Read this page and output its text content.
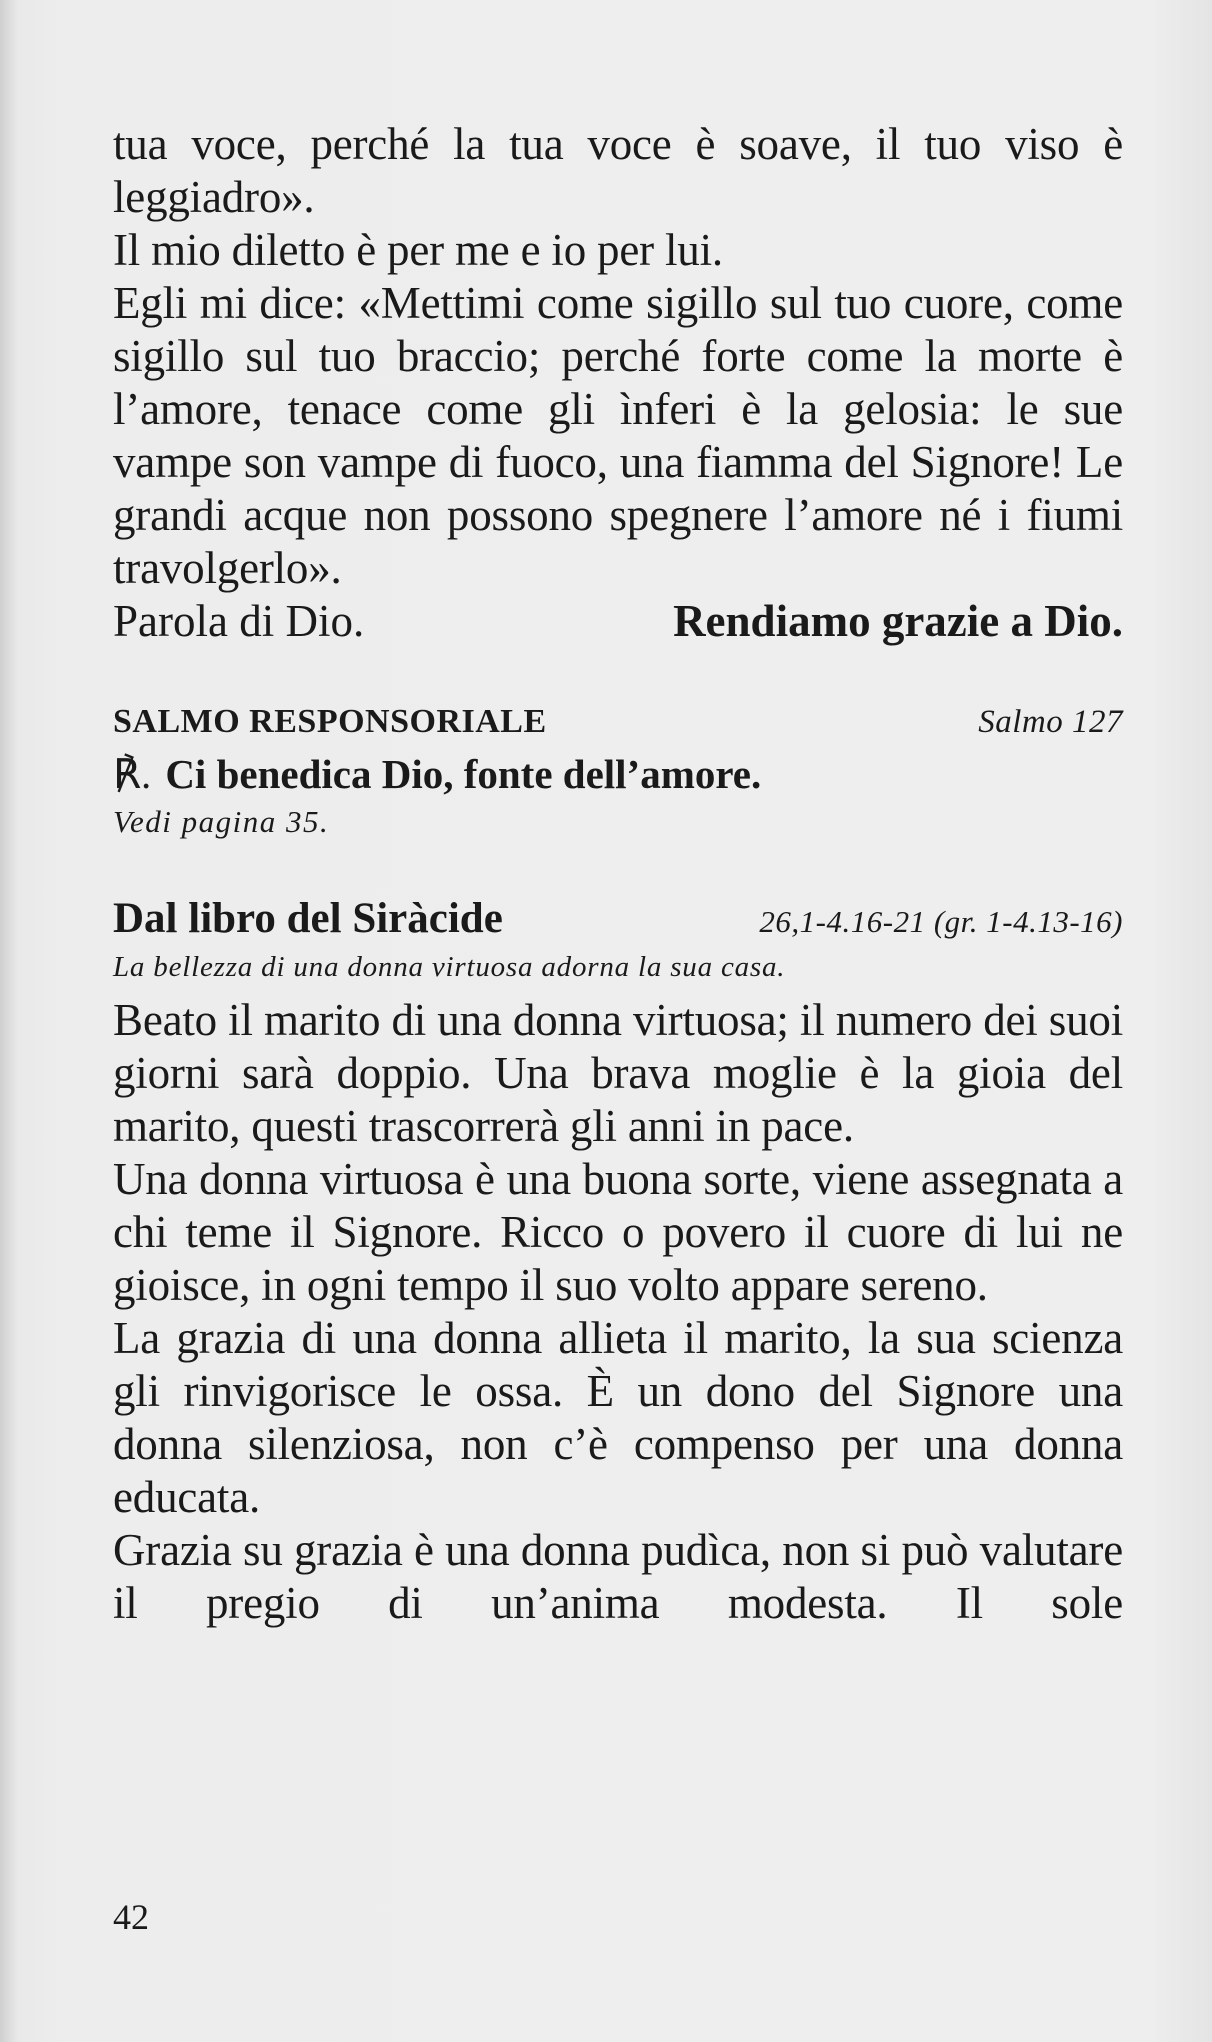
tua voce, perché la tua voce è soave, il tuo viso è leggiadro».

Il mio diletto è per me e io per lui.

Egli mi dice: «Mettimi come sigillo sul tuo cuore, come sigillo sul tuo braccio; perché forte come la morte è l’amore, tenace come gli ìnferi è la gelosia: le sue vampe son vampe di fuoco, una fiamma del Signore! Le grandi acque non possono spegnere l’amore né i fiumi travolgerlo».

Parola di Dio.	Rendiamo grazie a Dio.
SALMO RESPONSORIALE	Salmo 127

℟. Ci benedica Dio, fonte dell’amore.

Vedi pagina 35.

Dal libro del Siràcide	26,1-4.16-21 (gr. 1-4.13-16)

La bellezza di una donna virtuosa adorna la sua casa.

Beato il marito di una donna virtuosa; il numero dei suoi giorni sarà doppio. Una brava moglie è la gioia del marito, questi trascorrerà gli anni in pace.

Una donna virtuosa è una buona sorte, viene assegnata a chi teme il Signore. Ricco o povero il cuore di lui ne gioisce, in ogni tempo il suo volto appare sereno.

La grazia di una donna allieta il marito, la sua scienza gli rinvigorisce le ossa. È un dono del Signore una donna silenziosa, non c’è compenso per una donna educata.

Grazia su grazia è una donna pudìca, non si può valutare il pregio di un’anima modesta. Il sole

42
